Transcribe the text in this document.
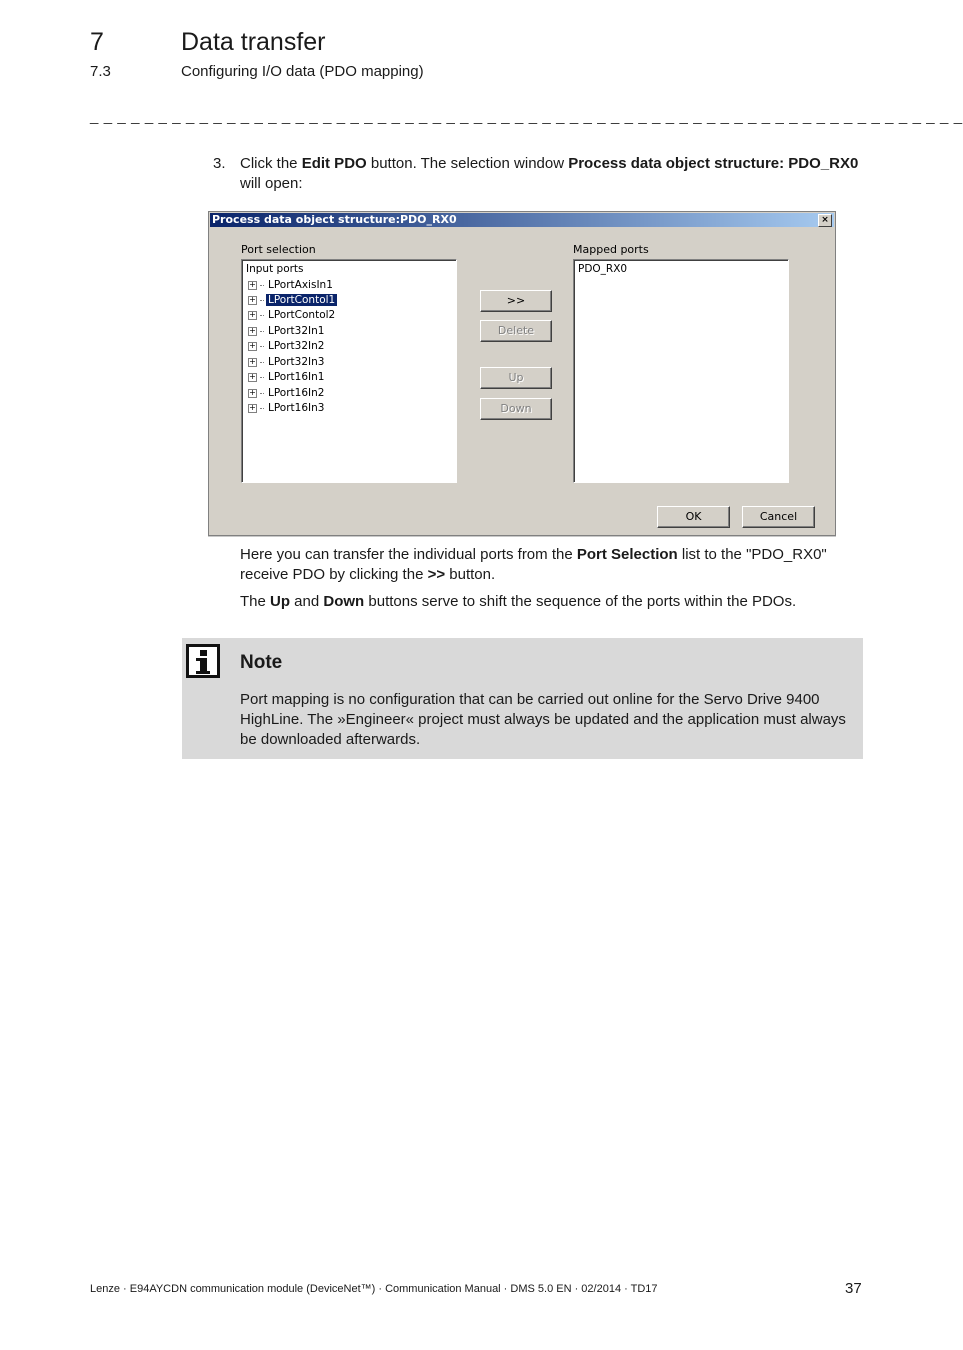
7	Data transfer
7.3	Configuring I/O data (PDO mapping)
_ _ _ _ _ _ _ _ _ _ _ _ _ _ _ _ _ _ _ _ _ _ _ _ _ _ _ _ _ _ _ _ _ _ _ _ _ _ _ _ _ _ _ _ _ _ _ _ _ _ _ _ _ _ _ _ _ _ _ _ _ _ _ _
3. Click the Edit PDO button. The selection window Process data object structure: PDO_RX0 will open:
Process data object structure:PDO_RX0	×
Port selection	Mapped ports
Input ports
+ LPortAxisIn1
+ LPortContol1
+ LPortContol2
+ LPort32In1
+ LPort32In2
+ LPort32In3
+ LPort16In1
+ LPort16In2
+ LPort16In3
>>
Delete
Up
Down
PDO_RX0
OK	Cancel
Here you can transfer the individual ports from the Port Selection list to the "PDO_RX0" receive PDO by clicking the >> button.
The Up and Down buttons serve to shift the sequence of the ports within the PDOs.
Note
Port mapping is no configuration that can be carried out online for the Servo Drive 9400 HighLine. The »Engineer« project must always be updated and the application must always be downloaded afterwards.
Lenze · E94AYCDN communication module (DeviceNet™) · Communication Manual · DMS 5.0 EN · 02/2014 · TD17	37
